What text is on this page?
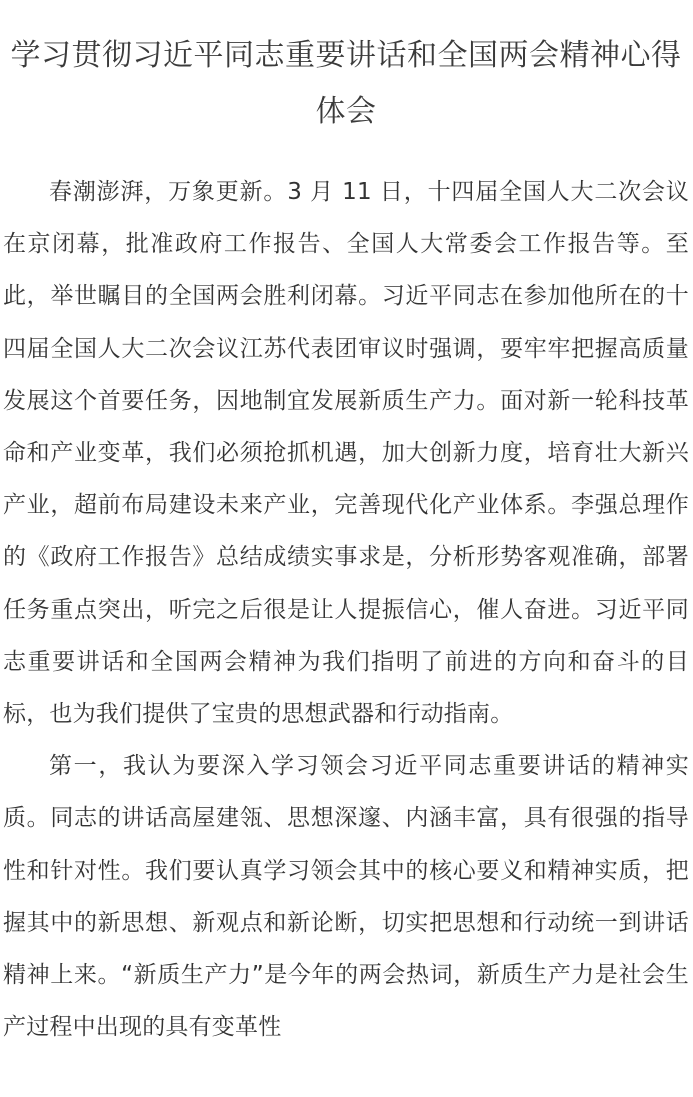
学习贯彻习近平同志重要讲话和全国两会精神心得体会

春潮澎湃，万象更新。3 月 11 日，十四届全国人大二次会议在京闭幕，批准政府工作报告、全国人大常委会工作报告等。至此，举世瞩目的全国两会胜利闭幕。习近平同志在参加他所在的十四届全国人大二次会议江苏代表团审议时强调，要牢牢把握高质量发展这个首要任务，因地制宜发展新质生产力。面对新一轮科技革命和产业变革，我们必须抢抓机遇，加大创新力度，培育壮大新兴产业，超前布局建设未来产业，完善现代化产业体系。李强总理作的《政府工作报告》总结成绩实事求是，分析形势客观准确，部署任务重点突出，听完之后很是让人提振信心，催人奋进。习近平同志重要讲话和全国两会精神为我们指明了前进的方向和奋斗的目标，也为我们提供了宝贵的思想武器和行动指南。

第一，我认为要深入学习领会习近平同志重要讲话的精神实质。同志的讲话高屋建瓴、思想深邃、内涵丰富，具有很强的指导性和针对性。我们要认真学习领会其中的核心要义和精神实质，把握其中的新思想、新观点和新论断，切实把思想和行动统一到讲话精神上来。“新质生产力”是今年的两会热词，新质生产力是社会生产过程中出现的具有变革性
